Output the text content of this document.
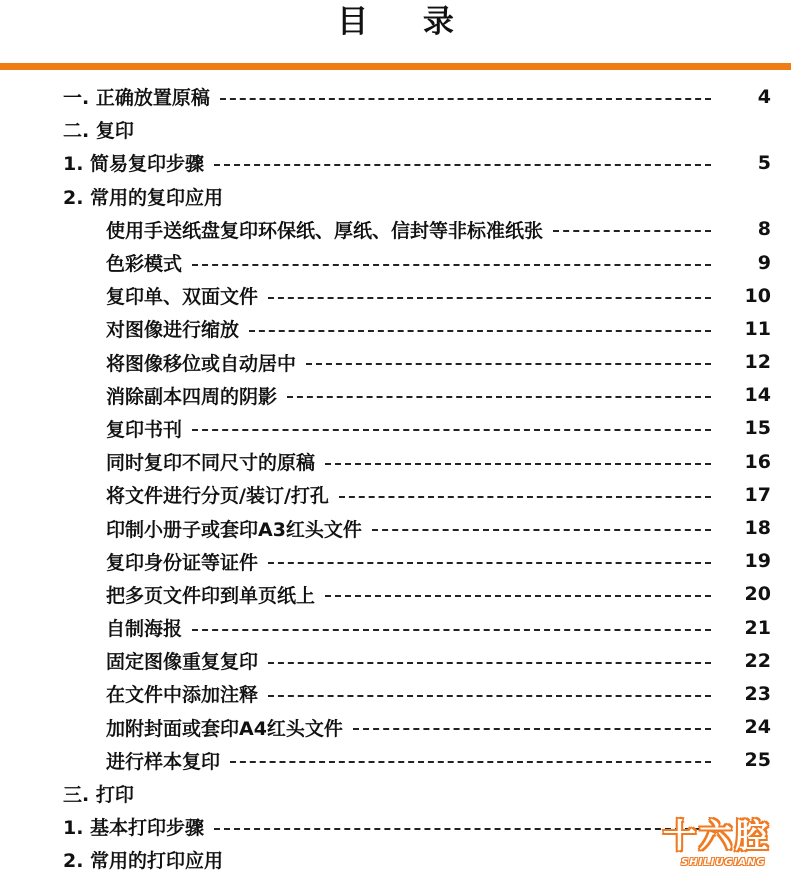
目 录
一. 正确放置原稿	4
二. 复印
1. 简易复印步骤	5
2. 常用的复印应用
使用手送纸盘复印环保纸、厚纸、信封等非标准纸张	8
色彩模式	9
复印单、双面文件	10
对图像进行缩放	11
将图像移位或自动居中	12
消除副本四周的阴影	14
复印书刊	15
同时复印不同尺寸的原稿	16
将文件进行分页/装订/打孔	17
印制小册子或套印A3红头文件	18
复印身份证等证件	19
把多页文件印到单页纸上	20
自制海报	21
固定图像重复复印	22
在文件中添加注释	23
加附封面或套印A4红头文件	24
进行样本复印	25
三. 打印
1. 基本打印步骤
2. 常用的打印应用
十六腔
SHILIUGIANG
